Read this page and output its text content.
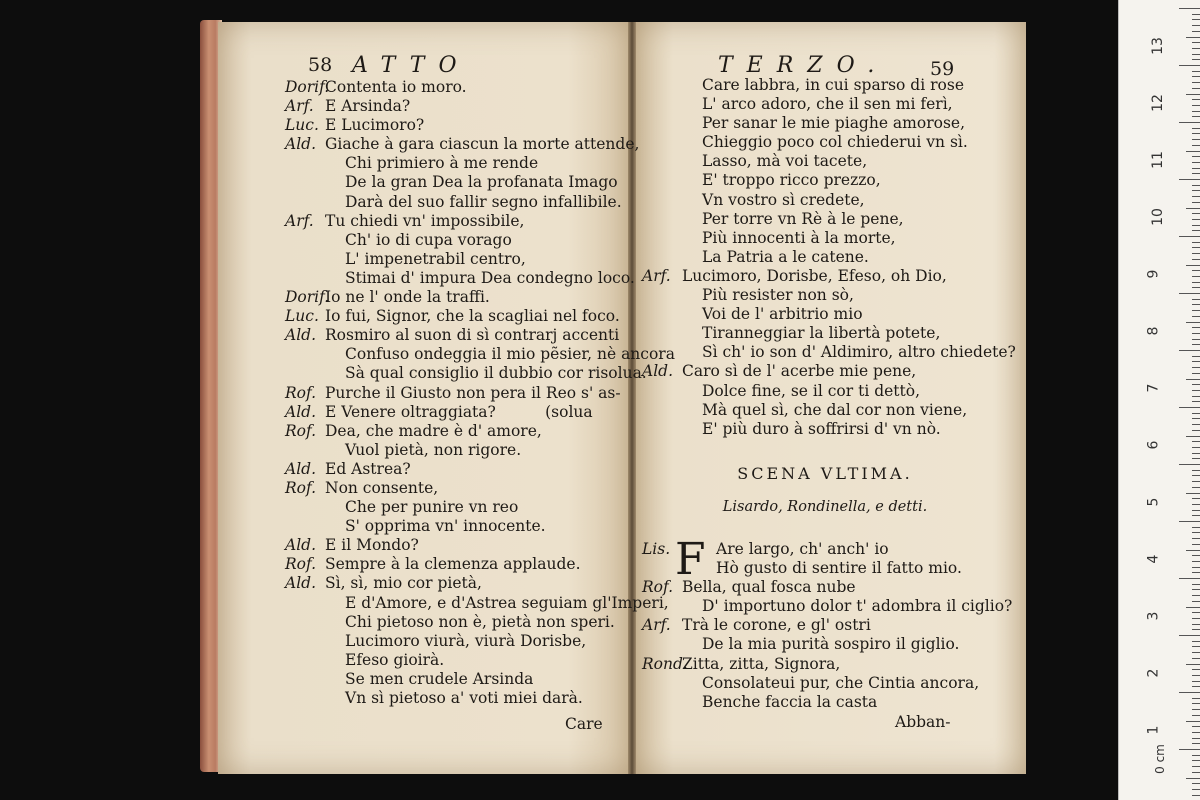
58 ATTO
Dorif.Contenta io moro.
Arf. E Arsinda?
Luc. E Lucimoro?
Ald. Giache à gara ciascun la morte attende,
Chi primiero à me rende
De la gran Dea la profanata Imago
Darà del suo fallir segno infallibile.
Arf. Tu chiedi vn' impossibile,
Ch' io di cupa vorago
L' impenetrabil centro,
Stimai d' impura Dea condegno loco.
Dorif.Io ne l' onde la traffi.
Luc. Io fui, Signor, che la scagliai nel foco.
Ald. Rosmiro al suon di sì contrarj accenti
Confuso ondeggia il mio pẽsier, nè ancora
Sà qual consiglio il dubbio cor risolua.
Rof. Purche il Giusto non pera il Reo s' as-
Ald. E Venere oltraggiata?          (solua
Rof. Dea, che madre è d' amore,
Vuol pietà, non rigore.
Ald. Ed Astrea?
Rof. Non consente,
Che per punire vn reo
S' opprima vn' innocente.
Ald. E il Mondo?
Rof. Sempre à la clemenza applaude.
Ald. Sì, sì, mio cor pietà,
E d'Amore, e d'Astrea seguiam gl'Imperi,
Chi pietoso non è, pietà non speri.
Lucimoro viurà, viurà Dorisbe,
Efeso gioirà.
Se men crudele Arsinda
Vn sì pietoso a' voti miei darà.
Care
TERZO. 59
Care labbra, in cui sparso di rose
L' arco adoro, che il sen mi ferì,
Per sanar le mie piaghe amorose,
Chieggio poco col chiederui vn sì.
Lasso, mà voi tacete,
E' troppo ricco prezzo,
Vn vostro sì credete,
Per torre vn Rè à le pene,
Più innocenti à la morte,
La Patria a le catene.
Arf. Lucimoro, Dorisbe, Efeso, oh Dio,
Più resister non sò,
Voi de l' arbitrio mio
Tiranneggiar la libertà potete,
Sì ch' io son d' Aldimiro, altro chiedete?
Ald. Caro sì de l' acerbe mie pene,
Dolce fine, se il cor ti dettò,
Mà quel sì, che dal cor non viene,
E' più duro à soffrirsi d' vn nò.
SCENA VLTIMA.
Lisardo, Rondinella, e detti.
F
Lis.	Are largo, ch' anch' io
Hò gusto di sentire il fatto mio.
Rof. Bella, qual fosca nube
D' importuno dolor t' adombra il ciglio?
Arf. Trà le corone, e gl' ostri
De la mia purità sospiro il giglio.
Rond.Zitta, zitta, Signora,
Consolateui pur, che Cintia ancora,
Benche faccia la casta
Abban-
0 cm
13
12
11
10
9
8
7
6
5
4
3
2
1
